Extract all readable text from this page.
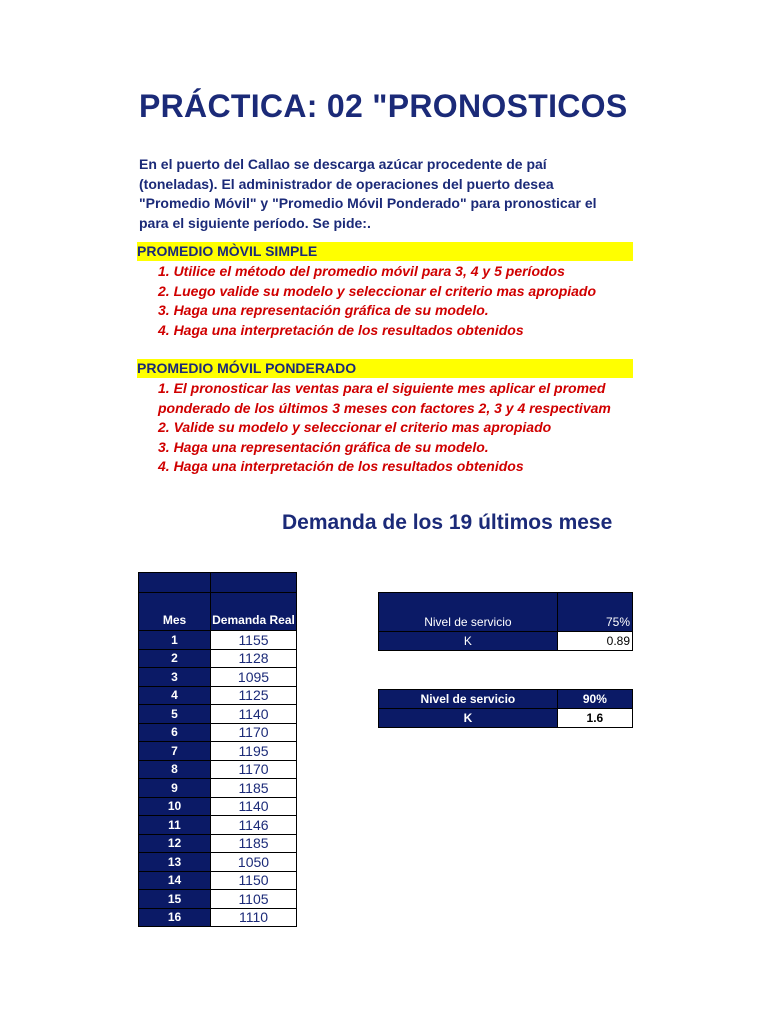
PRÁCTICA: 02 "PRONOSTICOS
En el puerto del Callao se descarga azúcar procedente de paí
(toneladas). El administrador de operaciones del puerto desea
"Promedio Móvil" y "Promedio Móvil Ponderado" para pronosticar el
para el siguiente período. Se pide:.
PROMEDIO MÒVIL SIMPLE
1. Utilice el método del promedio móvil para 3, 4 y 5 períodos
2. Luego valide su modelo y seleccionar el criterio mas apropiado
3. Haga una representación gráfica de su modelo.
4. Haga una interpretación de los resultados obtenidos
PROMEDIO MÓVIL PONDERADO
1. El pronosticar las ventas para el siguiente mes aplicar el promed
ponderado de los últimos 3 meses con factores 2, 3 y 4 respectivam
2. Valide su modelo y seleccionar el criterio mas apropiado
3. Haga una representación gráfica de su modelo.
4. Haga una interpretación de los resultados obtenidos
Demanda de los 19 últimos mese

Mes	Demanda Real
1	1155
2	1128
3	1095
4	1125
5	1140
6	1170
7	1195
8	1170
9	1185
10	1140
11	1146
12	1185
13	1050
14	1150
15	1105
16	1110
Nivel de servicio	75%
K	0.89
Nivel de servicio	90%
K	1.6
